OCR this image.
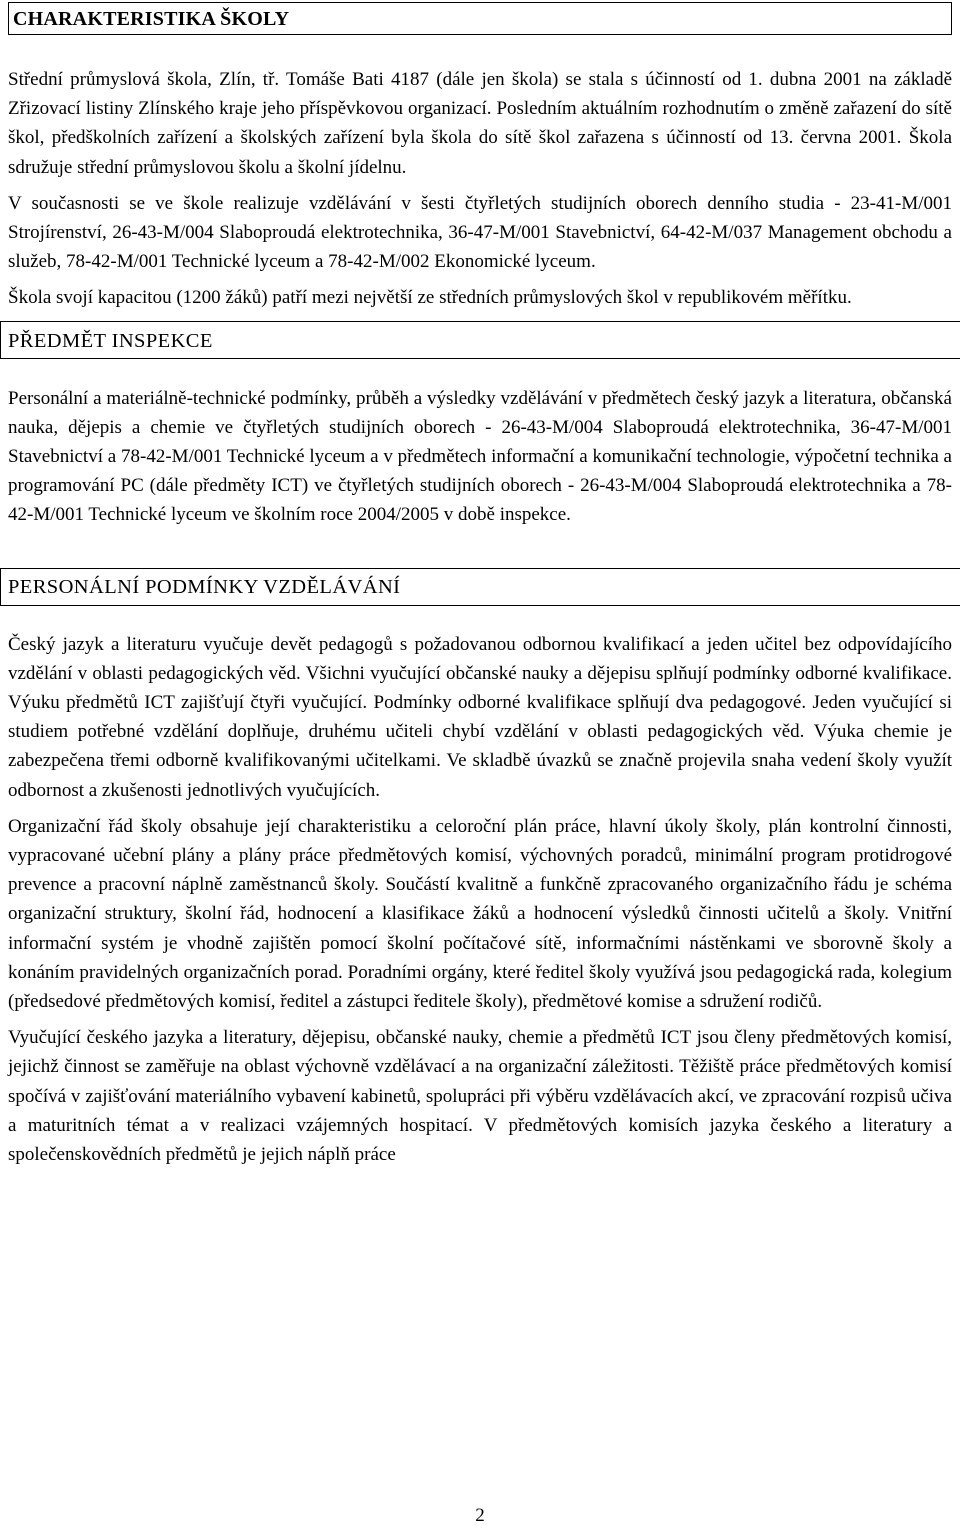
CHARAKTERISTIKA ŠKOLY

Střední průmyslová škola, Zlín, tř. Tomáše Bati 4187 (dále jen škola) se stala s účinností od 1. dubna 2001 na základě Zřizovací listiny Zlínského kraje jeho příspěvkovou organizací. Posledním aktuálním rozhodnutím o změně zařazení do sítě škol, předškolních zařízení a školských zařízení byla škola do sítě škol zařazena s účinností od 13. června 2001. Škola sdružuje střední průmyslovou školu a školní jídelnu.

V současnosti se ve škole realizuje vzdělávání v šesti čtyřletých studijních oborech denního studia - 23-41-M/001 Strojírenství, 26-43-M/004 Slaboproudá elektrotechnika, 36-47-M/001 Stavebnictví, 64-42-M/037 Management obchodu a služeb, 78-42-M/001 Technické lyceum a 78-42-M/002 Ekonomické lyceum.

Škola svojí kapacitou (1200 žáků) patří mezi největší ze středních průmyslových škol v republikovém měřítku.

PŘEDMĚT INSPEKCE

Personální a materiálně-technické podmínky, průběh a výsledky vzdělávání v předmětech český jazyk a literatura, občanská nauka, dějepis a chemie ve čtyřletých studijních oborech - 26-43-M/004 Slaboproudá elektrotechnika, 36-47-M/001 Stavebnictví a 78-42-M/001 Technické lyceum a v předmětech informační a komunikační technologie, výpočetní technika a programování PC (dále předměty ICT) ve čtyřletých studijních oborech - 26-43-M/004 Slaboproudá elektrotechnika a 78-42-M/001 Technické lyceum ve školním roce 2004/2005 v době inspekce.

PERSONÁLNÍ PODMÍNKY VZDĚLÁVÁNÍ

Český jazyk a literaturu vyučuje devět pedagogů s požadovanou odbornou kvalifikací a jeden učitel bez odpovídajícího vzdělání v oblasti pedagogických věd. Všichni vyučující občanské nauky a dějepisu splňují podmínky odborné kvalifikace. Výuku předmětů ICT zajišťují čtyři vyučující. Podmínky odborné kvalifikace splňují dva pedagogové. Jeden vyučující si studiem potřebné vzdělání doplňuje, druhému učiteli chybí vzdělání v oblasti pedagogických věd. Výuka chemie je zabezpečena třemi odborně kvalifikovanými učitelkami. Ve skladbě úvazků se značně projevila snaha vedení školy využít odbornost a zkušenosti jednotlivých vyučujících.

Organizační řád školy obsahuje její charakteristiku a celoroční plán práce, hlavní úkoly školy, plán kontrolní činnosti, vypracované učební plány a plány práce předmětových komisí, výchovných poradců, minimální program protidrogové prevence a pracovní náplně zaměstnanců školy. Součástí kvalitně a funkčně zpracovaného organizačního řádu je schéma organizační struktury, školní řád, hodnocení a klasifikace žáků a hodnocení výsledků činnosti učitelů a školy. Vnitřní informační systém je vhodně zajištěn pomocí školní počítačové sítě, informačními nástěnkami ve sborovně školy a konáním pravidelných organizačních porad. Poradními orgány, které ředitel školy využívá jsou pedagogická rada, kolegium (předsedové předmětových komisí, ředitel a zástupci ředitele školy), předmětové komise a sdružení rodičů.

Vyučující českého jazyka a literatury, dějepisu, občanské nauky, chemie a předmětů ICT jsou členy předmětových komisí, jejichž činnost se zaměřuje na oblast výchovně vzdělávací a na organizační záležitosti. Těžiště práce předmětových komisí spočívá v zajišťování materiálního vybavení kabinetů, spolupráci při výběru vzdělávacích akcí, ve zpracování rozpisů učiva a maturitních témat a v realizaci vzájemných hospitací. V předmětových komisích jazyka českého a literatury a společenskovědních předmětů je jejich náplň práce

2
